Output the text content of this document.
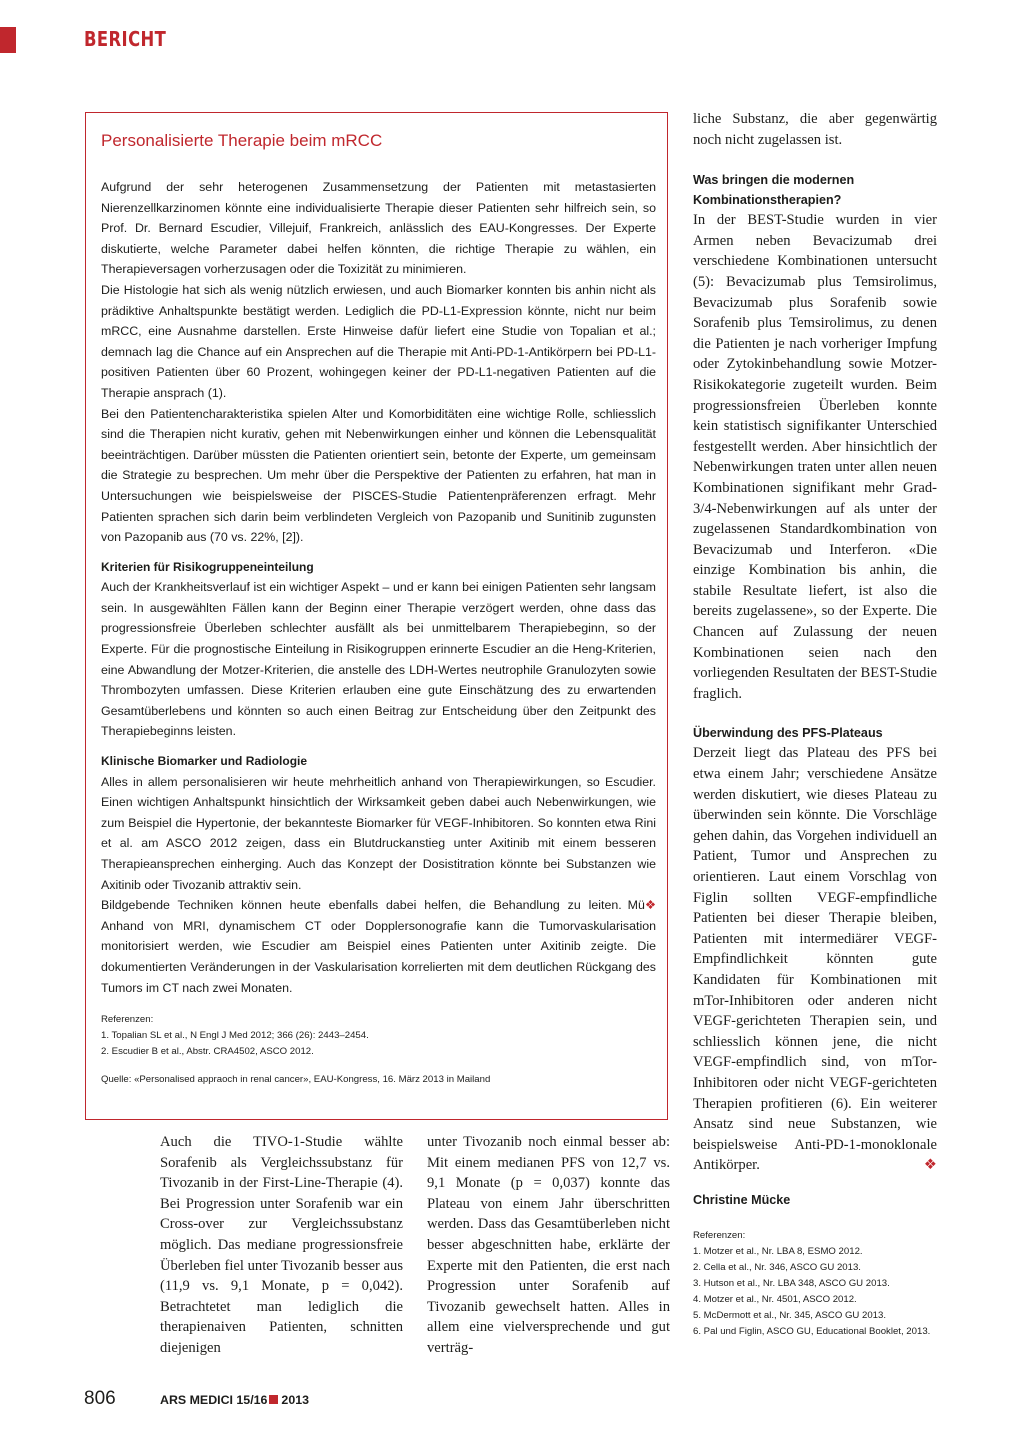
BERICHT
Personalisierte Therapie beim mRCC

Aufgrund der sehr heterogenen Zusammensetzung der Patienten mit metastasierten Nierenzellkarzinomen könnte eine individualisierte Therapie dieser Patienten sehr hilfreich sein, so Prof. Dr. Bernard Escudier, Villejuif, Frankreich, anlässlich des EAU-Kongresses. Der Experte diskutierte, welche Parameter dabei helfen könnten, die richtige Therapie zu wählen, ein Therapieversagen vorherzusagen oder die Toxizität zu minimieren.

Die Histologie hat sich als wenig nützlich erwiesen, und auch Biomarker konnten bis anhin nicht als prädiktive Anhaltspunkte bestätigt werden. Lediglich die PD-L1-Expression könnte, nicht nur beim mRCC, eine Ausnahme darstellen. Erste Hinweise dafür liefert eine Studie von Topalian et al.; demnach lag die Chance auf ein Ansprechen auf die Therapie mit Anti-PD-1-Antikörpern bei PD-L1-positiven Patienten über 60 Prozent, wohingegen keiner der PD-L1-negativen Patienten auf die Therapie ansprach (1).

Bei den Patientencharakteristika spielen Alter und Komorbiditäten eine wichtige Rolle, schliesslich sind die Therapien nicht kurativ, gehen mit Nebenwirkungen einher und können die Lebensqualität beeinträchtigen. Darüber müssten die Patienten orientiert sein, betonte der Experte, um gemeinsam die Strategie zu besprechen. Um mehr über die Perspektive der Patienten zu erfahren, hat man in Untersuchungen wie beispielsweise der PISCES-Studie Patientenpräferenzen erfragt. Mehr Patienten sprachen sich darin beim verblindeten Vergleich von Pazopanib und Sunitinib zugunsten von Pazopanib aus (70 vs. 22%, [2]).

Kriterien für Risikogruppeneinteilung

Auch der Krankheitsverlauf ist ein wichtiger Aspekt – und er kann bei einigen Patienten sehr langsam sein. In ausgewählten Fällen kann der Beginn einer Therapie verzögert werden, ohne dass das progressionsfreie Überleben schlechter ausfällt als bei unmittelbarem Therapiebeginn, so der Experte. Für die prognostische Einteilung in Risikogruppen erinnerte Escudier an die Heng-Kriterien, eine Abwandlung der Motzer-Kriterien, die anstelle des LDH-Wertes neutrophile Granulozyten sowie Thrombozyten umfassen. Diese Kriterien erlauben eine gute Einschätzung des zu erwartenden Gesamtüberlebens und könnten so auch einen Beitrag zur Entscheidung über den Zeitpunkt des Therapiebeginns leisten.

Klinische Biomarker und Radiologie

Alles in allem personalisieren wir heute mehrheitlich anhand von Therapiewirkungen, so Escudier. Einen wichtigen Anhaltspunkt hinsichtlich der Wirksamkeit geben dabei auch Nebenwirkungen, wie zum Beispiel die Hypertonie, der bekannteste Biomarker für VEGF-Inhibitoren. So konnten etwa Rini et al. am ASCO 2012 zeigen, dass ein Blutdruckanstieg unter Axitinib mit einem besseren Therapieansprechen einherging. Auch das Konzept der Dosistitration könnte bei Substanzen wie Axitinib oder Tivozanib attraktiv sein.

Mü❖
Bildgebende Techniken können heute ebenfalls dabei helfen, die Behandlung zu leiten. Anhand von MRI, dynamischem CT oder Dopplersonografie kann die Tumorvaskularisation monitorisiert werden, wie Escudier am Beispiel eines Patienten unter Axitinib zeigte. Die dokumentierten Veränderungen in der Vaskularisation korrelierten mit dem deutlichen Rückgang des Tumors im CT nach zwei Monaten.

Referenzen:
1. Topalian SL et al., N Engl J Med 2012; 366 (26): 2443–2454.
2. Escudier B et al., Abstr. CRA4502, ASCO 2012.
Quelle: «Personalised appraoch in renal cancer», EAU-Kongress, 16. März 2013 in Mailand

Auch die TIVO-1-Studie wählte Sorafenib als Vergleichssubstanz für Tivozanib in der First-Line-Therapie (4). Bei Progression unter Sorafenib war ein Cross-over zur Vergleichssubstanz möglich. Das mediane progressionsfreie Überleben fiel unter Tivozanib besser aus (11,9 vs. 9,1 Monate, p = 0,042). Betrachtetet man lediglich die therapienaiven Patienten, schnitten diejenigen

unter Tivozanib noch einmal besser ab: Mit einem medianen PFS von 12,7 vs. 9,1 Monate (p = 0,037) konnte das Plateau von einem Jahr überschritten werden. Dass das Gesamtüberleben nicht besser abgeschnitten habe, erklärte der Experte mit den Patienten, die erst nach Progression unter Sorafenib auf Tivozanib gewechselt hatten. Alles in allem eine vielversprechende und gut verträg-

liche Substanz, die aber gegenwärtig noch nicht zugelassen ist.

Was bringen die modernen Kombinationstherapien?

In der BEST-Studie wurden in vier Armen neben Bevacizumab drei verschiedene Kombinationen untersucht (5): Bevacizumab plus Temsirolimus, Bevacizumab plus Sorafenib sowie Sorafenib plus Temsirolimus, zu denen die Patienten je nach vorheriger Impfung oder Zytokinbehandlung sowie Motzer-Risikokategorie zugeteilt wurden. Beim progressionsfreien Überleben konnte kein statistisch signifikanter Unterschied festgestellt werden. Aber hinsichtlich der Nebenwirkungen traten unter allen neuen Kombinationen signifikant mehr Grad-3/4-Nebenwirkungen auf als unter der zugelassenen Standardkombination von Bevacizumab und Interferon. «Die einzige Kombination bis anhin, die stabile Resultate liefert, ist also die bereits zugelassene», so der Experte. Die Chancen auf Zulassung der neuen Kombinationen seien nach den vorliegenden Resultaten der BEST-Studie fraglich.

Überwindung des PFS-Plateaus

Derzeit liegt das Plateau des PFS bei etwa einem Jahr; verschiedene Ansätze werden diskutiert, wie dieses Plateau zu überwinden sein könnte. Die Vorschläge gehen dahin, das Vorgehen individuell an Patient, Tumor und Ansprechen zu orientieren. Laut einem Vorschlag von Figlin sollten VEGF-empfindliche Patienten bei dieser Therapie bleiben, Patienten mit intermediärer VEGF-Empfindlichkeit könnten gute Kandidaten für Kombinationen mit mTor-Inhibitoren oder anderen nicht VEGF-gerichteten Therapien sein, und schliesslich können jene, die nicht VEGF-empfindlich sind, von mTor-Inhibitoren oder nicht VEGF-gerichteten Therapien profitieren (6). Ein weiterer Ansatz sind neue Substanzen, wie beispielsweise Anti-PD-1-monoklonale Antikörper.	❖

Christine Mücke

Referenzen:
1. Motzer et al., Nr. LBA 8, ESMO 2012.
2. Cella et al., Nr. 346, ASCO GU 2013.
3. Hutson et al., Nr. LBA 348, ASCO GU 2013.
4. Motzer et al., Nr. 4501, ASCO 2012.
5. McDermott et al., Nr. 345, ASCO GU 2013.
6. Pal und Figlin, ASCO GU, Educational Booklet, 2013.
806	ARS MEDICI 15/16 2013
